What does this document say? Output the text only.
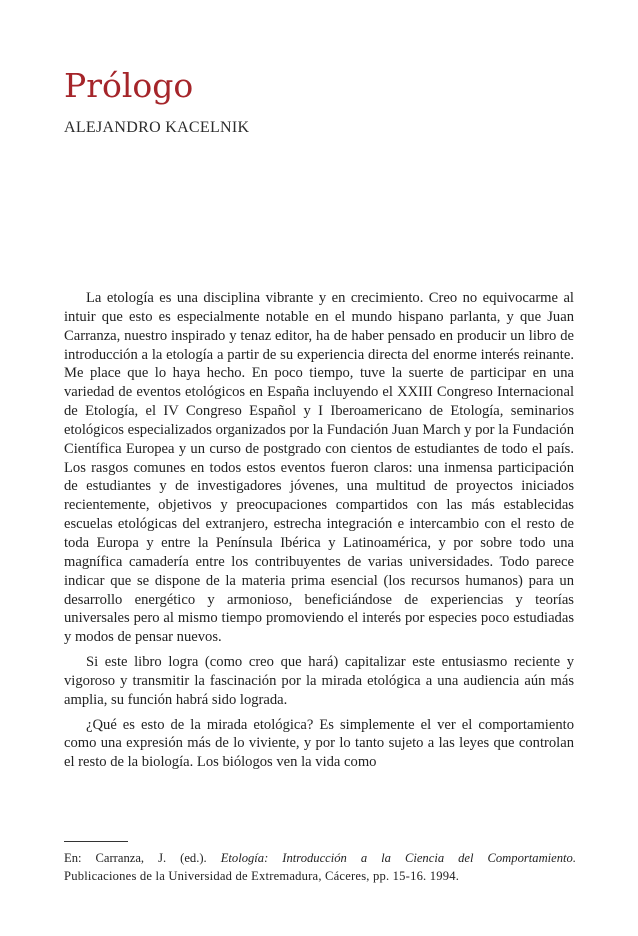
Prólogo
ALEJANDRO KACELNIK

La etología es una disciplina vibrante y en crecimiento. Creo no equivocarme al intuir que esto es especialmente notable en el mundo hispano parlanta, y que Juan Carranza, nuestro inspirado y tenaz editor, ha de haber pensado en producir un libro de introducción a la etología a partir de su experiencia directa del enorme interés reinante. Me place que lo haya hecho. En poco tiempo, tuve la suerte de participar en una variedad de eventos etológicos en España incluyendo el XXIII Congreso Internacional de Etología, el IV Congreso Español y I Iberoamericano de Etología, seminarios etológicos especializados organizados por la Fundación Juan March y por la Fundación Científica Europea y un curso de postgrado con cientos de estudiantes de todo el país. Los rasgos comunes en todos estos eventos fueron claros: una inmensa participación de estudiantes y de investigadores jóvenes, una multitud de proyectos iniciados recientemente, objetivos y preocupaciones compartidos con las más establecidas escuelas etológicas del extranjero, estrecha integración e intercambio con el resto de toda Europa y entre la Península Ibérica y Latinoamérica, y por sobre todo una magnífica camadería entre los contribuyentes de varias universidades. Todo parece indicar que se dispone de la materia prima esencial (los recursos humanos) para un desarrollo energético y armonioso, beneficiándose de experiencias y teorías universales pero al mismo tiempo promoviendo el interés por especies poco estudiadas y modos de pensar nuevos.

Si este libro logra (como creo que hará) capitalizar este entusiasmo reciente y vigoroso y transmitir la fascinación por la mirada etológica a una audiencia aún más amplia, su función habrá sido lograda.

¿Qué es esto de la mirada etológica? Es simplemente el ver el comportamiento como una expresión más de lo viviente, y por lo tanto sujeto a las leyes que controlan el resto de la biología. Los biólogos ven la vida como

En: Carranza, J. (ed.). Etología: Introducción a la Ciencia del Comportamiento.
Publicaciones de la Universidad de Extremadura, Cáceres, pp. 15-16. 1994.
